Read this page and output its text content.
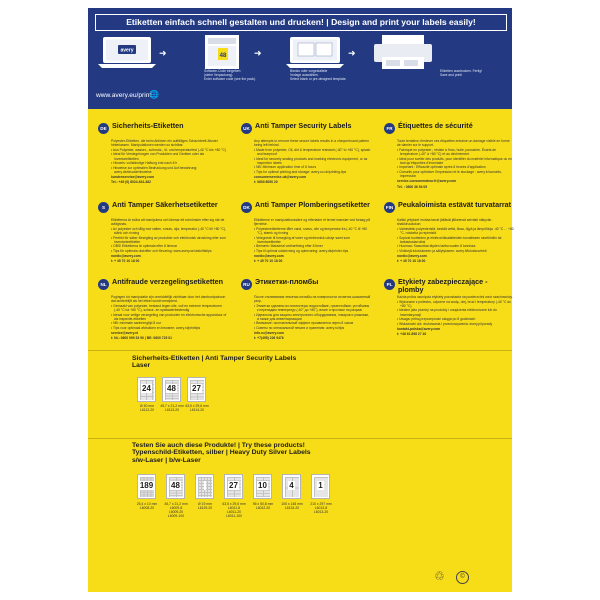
Etiketten einfach schnell gestalten und drucken! | Design and print your labels easily!
avery	➜	48
Software-Code eingeben
(siehe Verpackung).
Enter software code (see the pack).
➜
Blanko oder vorgestaltete
Vorlage auswählen.
Select blank or pre-designed template.
➜
Etiketten ausdrucken. Fertig!
Save and print!
www.avery.eu/print
🌐
DE Sicherheits-Etiketten
Polyester-Etiketten, die beim Ablösen ein auffälliges Schachbrett-Muster hinterlassen. Manipulationen werden so sichtbar.
• Aus Polyester, wasser-, schmutz-, öl- und temperaturfest (-40 °C bis +80 °C)
• Ideal für Versiegelungen von Produkten und Geräten oder als Inventaretiketten
• Hinweis: vollständige Haftung erst nach 8 h
• Hinweise zur optimalen Bedruckung und Auf bewahrung: avery.de/druckerhinweise
kundenservice@avery.com
Tel.: +49 (0) 8024-641-382
UK Anti Tamper Security Labels
Any attempts to remove these secure labels results in a chequerboard pattern being left behind.
• Made from polyester, Oil, dirt & temperature resistant (-40° to +80 °C), splash and tearproof
• Ideal for securely sealing products and marking electronic equipment, or as inspection labels
• NB: Minimum application time of 8 hours
• Tips for optimal printing and storage: avery.co.uk/printing-tips
consumerservice-uk@avery.com
t: 0800 8050 20
FR Étiquettes de sécurité
Toute tentative d'enlever ces étiquettes entraine un damage visible en forme de damier sur le support.
• Fabriqué en polyester ; résiste à l'eau, huile, poussière. Écarts de température (-40° à +80 °C) et au déchirement
• Idéal pour sceller des produits, pour identifier du matériel informatique ou en tant qu'étiquettes d'inventaire
• Important : Efficacité optimale après 8 heures d'application
• Conseils pour optimiser l'impression et le stockage : avery.fr/conseils-impression
service.consommateur.fr@avery.com
Tél. : 0800 36 54 09
S Anti Tamper Säkerhetsetiketter
Etiketterna är svåra att manipulera och lämnar ett rutmönster efter sig när de avlägsnas.
• Av polyester och tålig mot vatten, smuts, olja, temperatur (-40 °C till +80 °C), stänk och rivning
• Perfekt för säker försegling av produkter och elektronisk utrustning eller som inventarieetiketter
• OBS! Etiketterna är optimala efter 8 timmar
• Tips för optimala utskrifter och förvaring: www.avery.se/utskriftstips
nordic@avery.com
t: + 45 70 10 18 00
DK Anti Tamper Plomberingsetiketter
Etiketterne er manipulationssikre og efterlader et ternet mønster ved forsøg på fjernelse.
• Polyesteretiketterne tåler vand, snavs, olie og temperatur fra (-40 °C til +80 °C), stænk og rivning
• Velegnede til forsegling af varer og elektronisk udstyr samt som inventaretiketter
• Bemærk: Maksimal vedhæftning efter 8 timer
• Tips til optimal udskrivning og opbevaring: avery.dk/printer-tips
nordic@avery.com
t: + 45 70 10 18 00
FIN Peukaloimista estävät turvatarrat
Kaikki yritykset irrottaa tarrat jättävät jälkeensä selvästi näkyvän shakkiruudukon.
• Valmistettu polyesteristä, kestää vettä, likaa, öljyä ja lämpötiloja -40 °C ... +80 °C, roiskeita ja repimistä
• Sopivat tuotteiden ja elektroniikkalaitteiden turvalliseen sinetöintiin tai tarkastustarroiksi
• Huomaa: Saavuttaa täyden tarttuvuuden 8 tunnissa
• Vinkkejä tulostukseen ja säilytykseen: avery.fi/tulostusvinkit
nordic@avery.com
t: + 45 70 10 18 00
NL Antifraude verzegelingsetiketten
Pogingen tot manipulatie zijn onmiddellijk zichtbaar door het dambordpatroon dat achterblijft als het etiket wordt verwijderd.
• Gemaakt van polyester, bestand tegen olie, vuil en extreme temperaturen (-40 °C tot +80 °C), scheur- en spatwaterbestendig
• Ideaal voor veilige verzegeling van producten en elektronische apparatuur of als inspectie-etiketten
• NB: minimale aanbrengtijd 8 uur
• Tips voor optimaal afdrukken en bewaren: avery.nl/printtips
service@avery.nl
t: NL: 0800 099 33 90 | BE: 0800 725 01
RU Этикетки-пломбы
После отклеивания этикетки-пломбы на поверхности остается шахматный узор.
• Этикетки сделаны из полиэстера; водостойкие, грязестойкие, устойчивы к перепадам температур (-40° до +80°), влаге и прочные на разрыв
• Идеальны для защиты электронного оборудования, товаров и упаковки, а также для инвентаризации
• Внимание: окончательный эффект проявляется через 8 часов
• Советы по оптимальной печати и хранению: avery.ru/tips
info.ru@avery.com
t: +7(495) 226 9476
PL Etykiety zabezpieczające - plomby
Każda próba usunięcia etykiety pozostawia na powierzchni wzór szachownicy.
• Wykonane z poliestru, odporne na wodę, olej, brud i temperatury (-40 °C do +80 °C)
• Idealne jako plomby na produkty i urządzenia elektroniczne lub do inwentaryzacji
• Uwaga: pełną przyczepność osiąga po 8 godzinach
• Wskazówki dot. drukowania i przechowywania: avery.pl/porady
kontakt-polska@avery.com
t: +48 61 898 27 40
Sicherheits-Etiketten | Anti Tamper Security Labels
Laser
24
Ø 40 mm
L6112-20
48
45,7 x 21,2 mm
L6113-20
27
63,5 x 29,6 mm
L6114-20
Testen Sie auch diese Produkte! | Try these products!
Typenschild-Etiketten, silber | Heavy Duty Silver Labels
s/w-Laser | b/w-Laser
189
25,4 x 10 mm
L6008-20
48
45,7 x 21,2 mm
L6009-8
L6009-20
L6009-100
Ø 19 mm
L6129-20
27
63,5 x 29,6 mm
L6011-8
L6011-20
L6011-100
10
96 x 50,8 mm
L6012-20
4
105 x 148 mm
L6134-20
1
210 x 297 mm
L6013-8
L6013-20
♲	©
